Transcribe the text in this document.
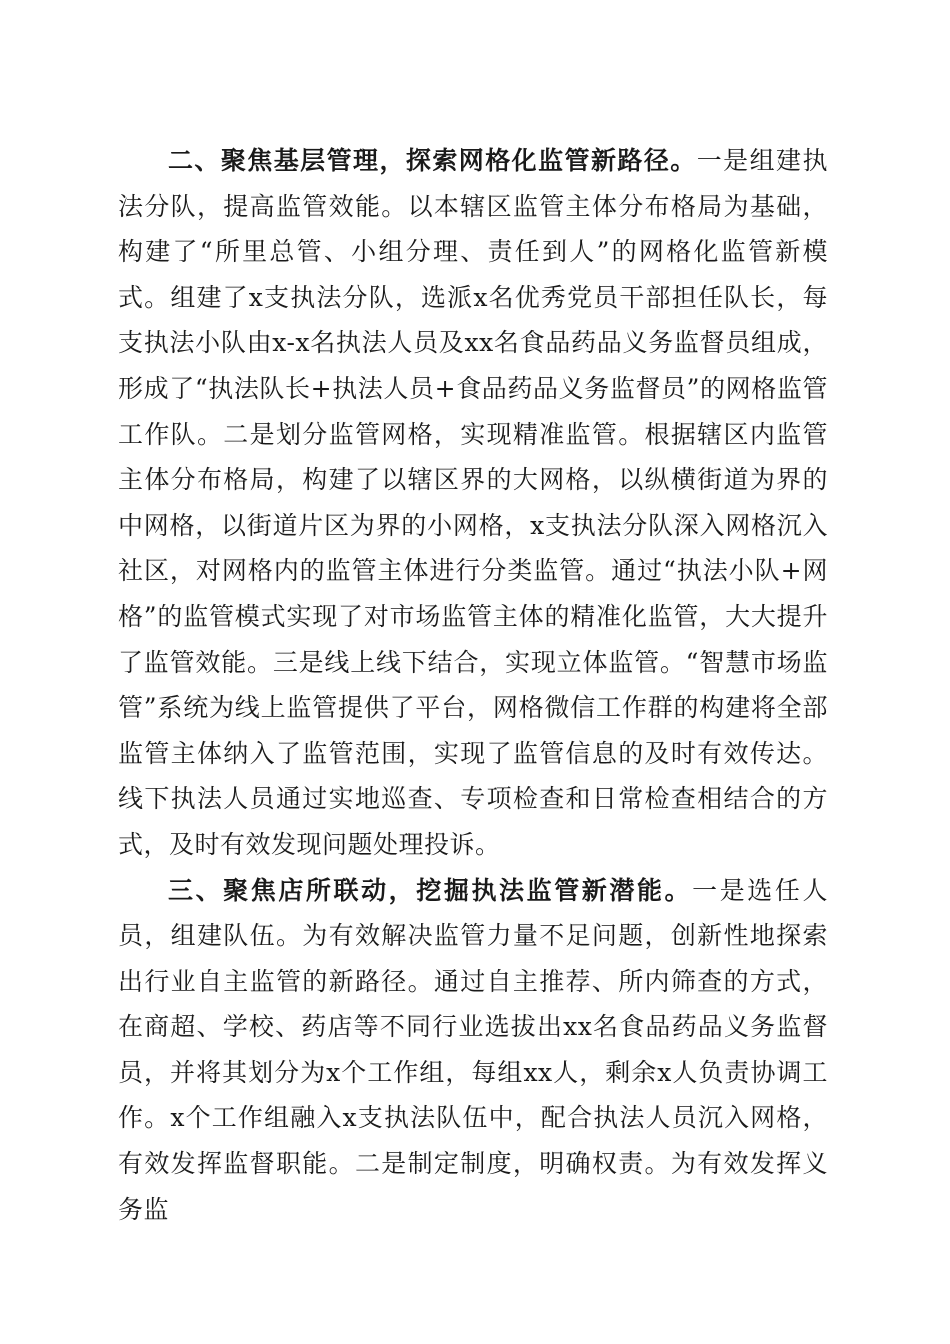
二、聚焦基层管理，探索网格化监管新路径。一是组建执法分队，提高监管效能。以本辖区监管主体分布格局为基础，构建了“所里总管、小组分理、责任到人”的网格化监管新模式。组建了x支执法分队，选派x名优秀党员干部担任队长，每支执法小队由x-x名执法人员及xx名食品药品义务监督员组成，形成了“执法队长+执法人员+食品药品义务监督员”的网格监管工作队。二是划分监管网格，实现精准监管。根据辖区内监管主体分布格局，构建了以辖区界的大网格，以纵横街道为界的中网格，以街道片区为界的小网格，x支执法分队深入网格沉入社区，对网格内的监管主体进行分类监管。通过“执法小队+网格”的监管模式实现了对市场监管主体的精准化监管，大大提升了监管效能。三是线上线下结合，实现立体监管。“智慧市场监管”系统为线上监管提供了平台，网格微信工作群的构建将全部监管主体纳入了监管范围，实现了监管信息的及时有效传达。线下执法人员通过实地巡查、专项检查和日常检查相结合的方式，及时有效发现问题处理投诉。

三、聚焦店所联动，挖掘执法监管新潜能。一是选任人员，组建队伍。为有效解决监管力量不足问题，创新性地探索出行业自主监管的新路径。通过自主推荐、所内筛查的方式，在商超、学校、药店等不同行业选拔出xx名食品药品义务监督员，并将其划分为x个工作组，每组xx人，剩余x人负责协调工作。x个工作组融入x支执法队伍中，配合执法人员沉入网格，有效发挥监督职能。二是制定制度，明确权责。为有效发挥义务监
